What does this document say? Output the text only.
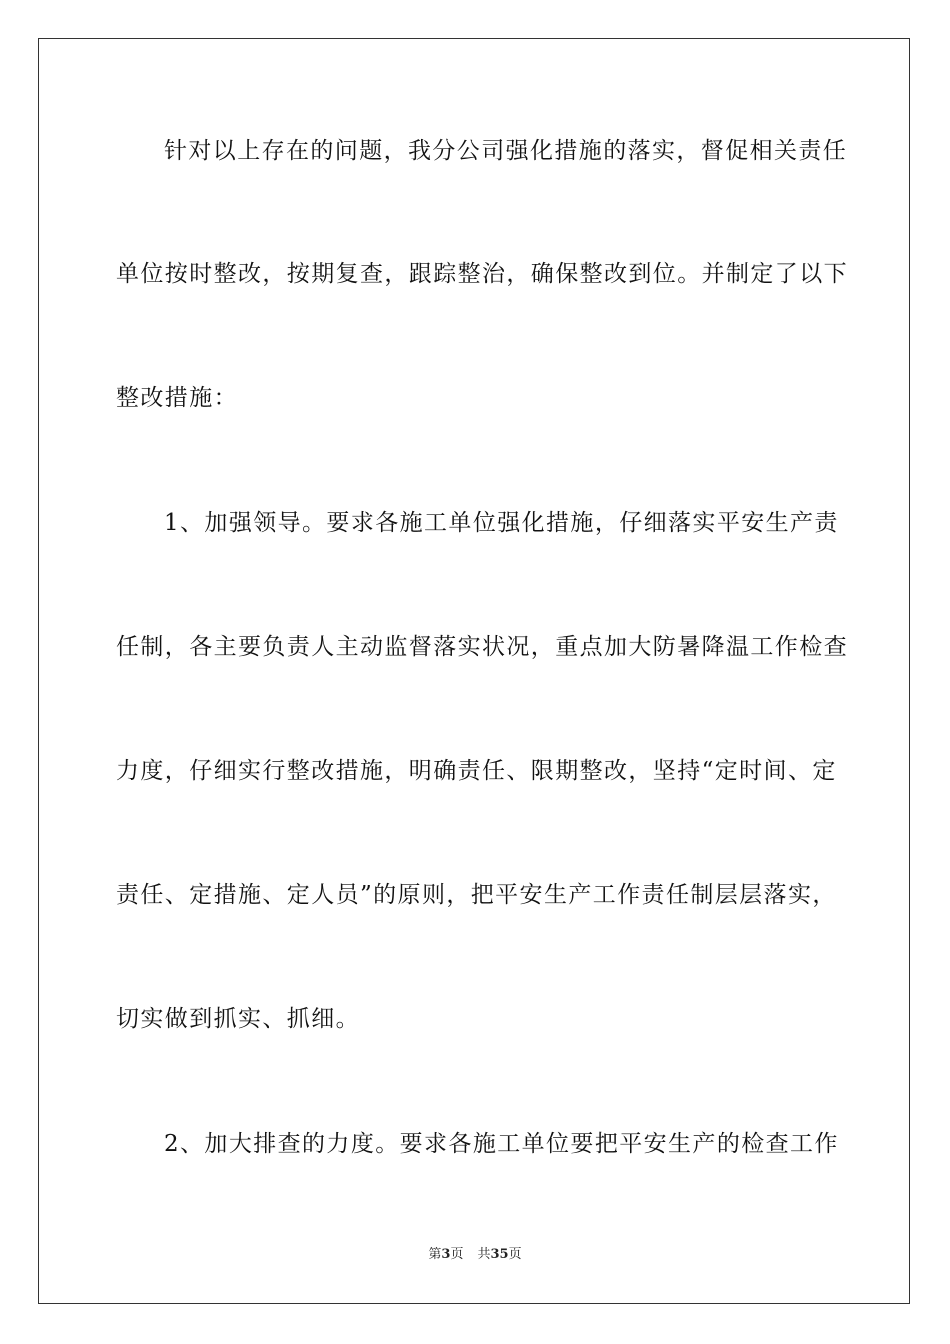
针对以上存在的问题，我分公司强化措施的落实，督促相关责任
单位按时整改，按期复查，跟踪整治，确保整改到位。并制定了以下
整改措施：
1、加强领导。要求各施工单位强化措施，仔细落实平安生产责
任制，各主要负责人主动监督落实状况，重点加大防暑降温工作检查
力度，仔细实行整改措施，明确责任、限期整改，坚持“定时间、定
责任、定措施、定人员”的原则，把平安生产工作责任制层层落实，
切实做到抓实、抓细。
2、加大排查的力度。要求各施工单位要把平安生产的检查工作
第3页 共35页
